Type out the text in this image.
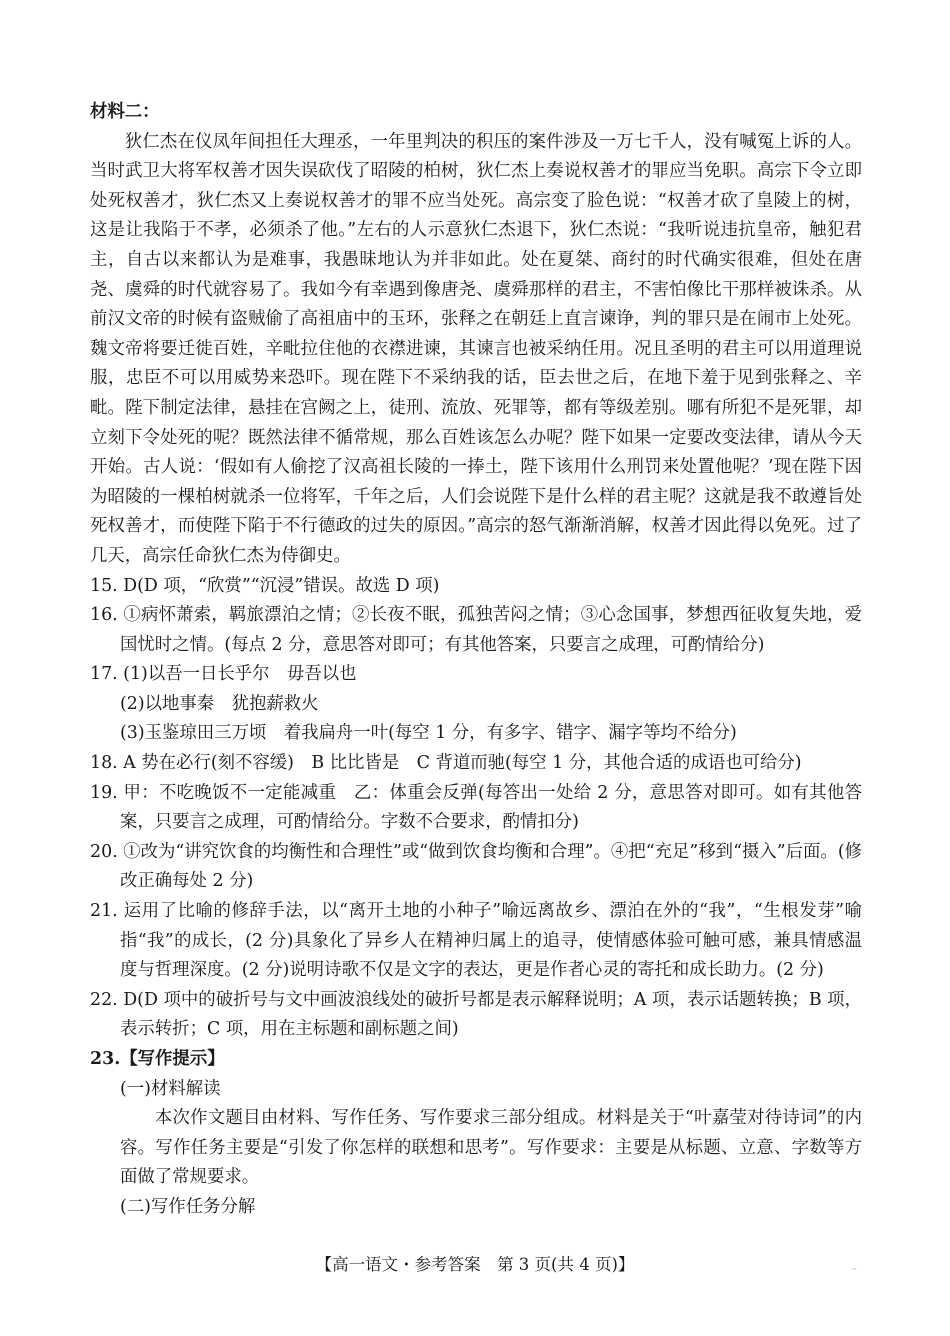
材料二：

狄仁杰在仪凤年间担任大理丞，一年里判决的积压的案件涉及一万七千人，没有喊冤上诉的人。当时武卫大将军权善才因失误砍伐了昭陵的柏树，狄仁杰上奏说权善才的罪应当免职。高宗下令立即处死权善才，狄仁杰又上奏说权善才的罪不应当处死。高宗变了脸色说：“权善才砍了皇陵上的树，这是让我陷于不孝，必须杀了他。”左右的人示意狄仁杰退下，狄仁杰说：“我听说违抗皇帝，触犯君主，自古以来都认为是难事，我愚昧地认为并非如此。处在夏桀、商纣的时代确实很难，但处在唐尧、虞舜的时代就容易了。我如今有幸遇到像唐尧、虞舜那样的君主，不害怕像比干那样被诛杀。从前汉文帝的时候有盗贼偷了高祖庙中的玉环，张释之在朝廷上直言谏诤，判的罪只是在闹市上处死。魏文帝将要迁徙百姓，辛毗拉住他的衣襟进谏，其谏言也被采纳任用。况且圣明的君主可以用道理说服，忠臣不可以用威势来恐吓。现在陛下不采纳我的话，臣去世之后，在地下羞于见到张释之、辛毗。陛下制定法律，悬挂在宫阙之上，徒刑、流放、死罪等，都有等级差别。哪有所犯不是死罪，却立刻下令处死的呢？既然法律不循常规，那么百姓该怎么办呢？陛下如果一定要改变法律，请从今天开始。古人说：‘假如有人偷挖了汉高祖长陵的一捧土，陛下该用什么刑罚来处置他呢？’现在陛下因为昭陵的一棵柏树就杀一位将军，千年之后，人们会说陛下是什么样的君主呢？这就是我不敢遵旨处死权善才，而使陛下陷于不行德政的过失的原因。”高宗的怒气渐渐消解，权善才因此得以免死。过了几天，高宗任命狄仁杰为侍御史。

15. D(D 项，“欣赏”“沉浸”错误。故选 D 项)

16. ①病怀萧索，羁旅漂泊之情；②长夜不眠，孤独苦闷之情；③心念国事，梦想西征收复失地，爱国忧时之情。(每点 2 分，意思答对即可；有其他答案，只要言之成理，可酌情给分)

17. (1)以吾一日长乎尔　毋吾以也

(2)以地事秦　犹抱薪救火

(3)玉鉴琼田三万顷　着我扁舟一叶(每空 1 分，有多字、错字、漏字等均不给分)

18. A 势在必行(刻不容缓)　B 比比皆是　C 背道而驰(每空 1 分，其他合适的成语也可给分)

19. 甲：不吃晚饭不一定能减重　乙：体重会反弹(每答出一处给 2 分，意思答对即可。如有其他答案，只要言之成理，可酌情给分。字数不合要求，酌情扣分)

20. ①改为“讲究饮食的均衡性和合理性”或“做到饮食均衡和合理”。④把“充足”移到“摄入”后面。(修改正确每处 2 分)

21. 运用了比喻的修辞手法，以“离开土地的小种子”喻远离故乡、漂泊在外的“我”，“生根发芽”喻指“我”的成长，(2 分)具象化了异乡人在精神归属上的追寻，使情感体验可触可感，兼具情感温度与哲理深度。(2 分)说明诗歌不仅是文字的表达，更是作者心灵的寄托和成长助力。(2 分)

22. D(D 项中的破折号与文中画波浪线处的破折号都是表示解释说明；A 项，表示话题转换；B 项，表示转折；C 项，用在主标题和副标题之间)

23.【写作提示】

(一)材料解读

本次作文题目由材料、写作任务、写作要求三部分组成。材料是关于“叶嘉莹对待诗词”的内容。写作任务主要是“引发了你怎样的联想和思考”。写作要求：主要是从标题、立意、字数等方面做了常规要求。

(二)写作任务分解

【高一语文・参考答案　第 3 页(共 4 页)】	··
